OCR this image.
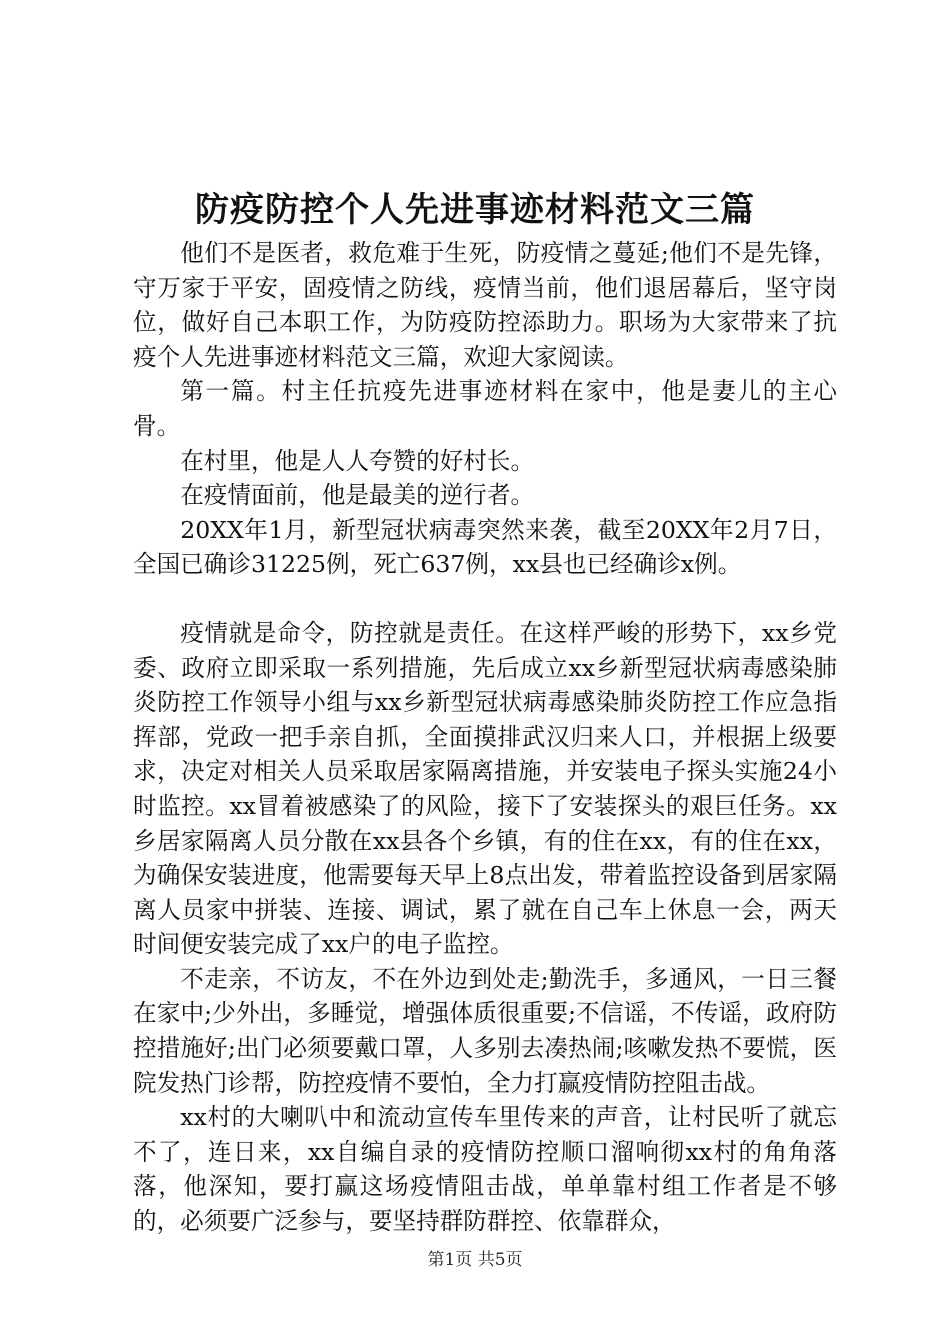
防疫防控个人先进事迹材料范文三篇

他们不是医者，救危难于生死，防疫情之蔓延;他们不是先锋，守万家于平安，固疫情之防线，疫情当前，他们退居幕后，坚守岗位，做好自己本职工作，为防疫防控添助力。职场为大家带来了抗疫个人先进事迹材料范文三篇，欢迎大家阅读。

第一篇。村主任抗疫先进事迹材料在家中，他是妻儿的主心骨。

在村里，他是人人夸赞的好村长。

在疫情面前，他是最美的逆行者。

20XX年1月，新型冠状病毒突然来袭，截至20XX年2月7日，全国已确诊31225例，死亡637例，xx县也已经确诊x例。

疫情就是命令，防控就是责任。在这样严峻的形势下，xx乡党委、政府立即采取一系列措施，先后成立xx乡新型冠状病毒感染肺炎防控工作领导小组与xx乡新型冠状病毒感染肺炎防控工作应急指挥部，党政一把手亲自抓，全面摸排武汉归来人口，并根据上级要求，决定对相关人员采取居家隔离措施，并安装电子探头实施24小时监控。xx冒着被感染了的风险，接下了安装探头的艰巨任务。xx乡居家隔离人员分散在xx县各个乡镇，有的住在xx，有的住在xx，为确保安装进度，他需要每天早上8点出发，带着监控设备到居家隔离人员家中拼装、连接、调试，累了就在自己车上休息一会，两天时间便安装完成了xx户的电子监控。

不走亲，不访友，不在外边到处走;勤洗手，多通风，一日三餐在家中;少外出，多睡觉，增强体质很重要;不信谣，不传谣，政府防控措施好;出门必须要戴口罩，人多别去凑热闹;咳嗽发热不要慌，医院发热门诊帮，防控疫情不要怕，全力打赢疫情防控阻击战。

xx村的大喇叭中和流动宣传车里传来的声音，让村民听了就忘不了，连日来，xx自编自录的疫情防控顺口溜响彻xx村的角角落落，他深知，要打赢这场疫情阻击战，单单靠村组工作者是不够的，必须要广泛参与，要坚持群防群控、依靠群众，

第1页 共5页
